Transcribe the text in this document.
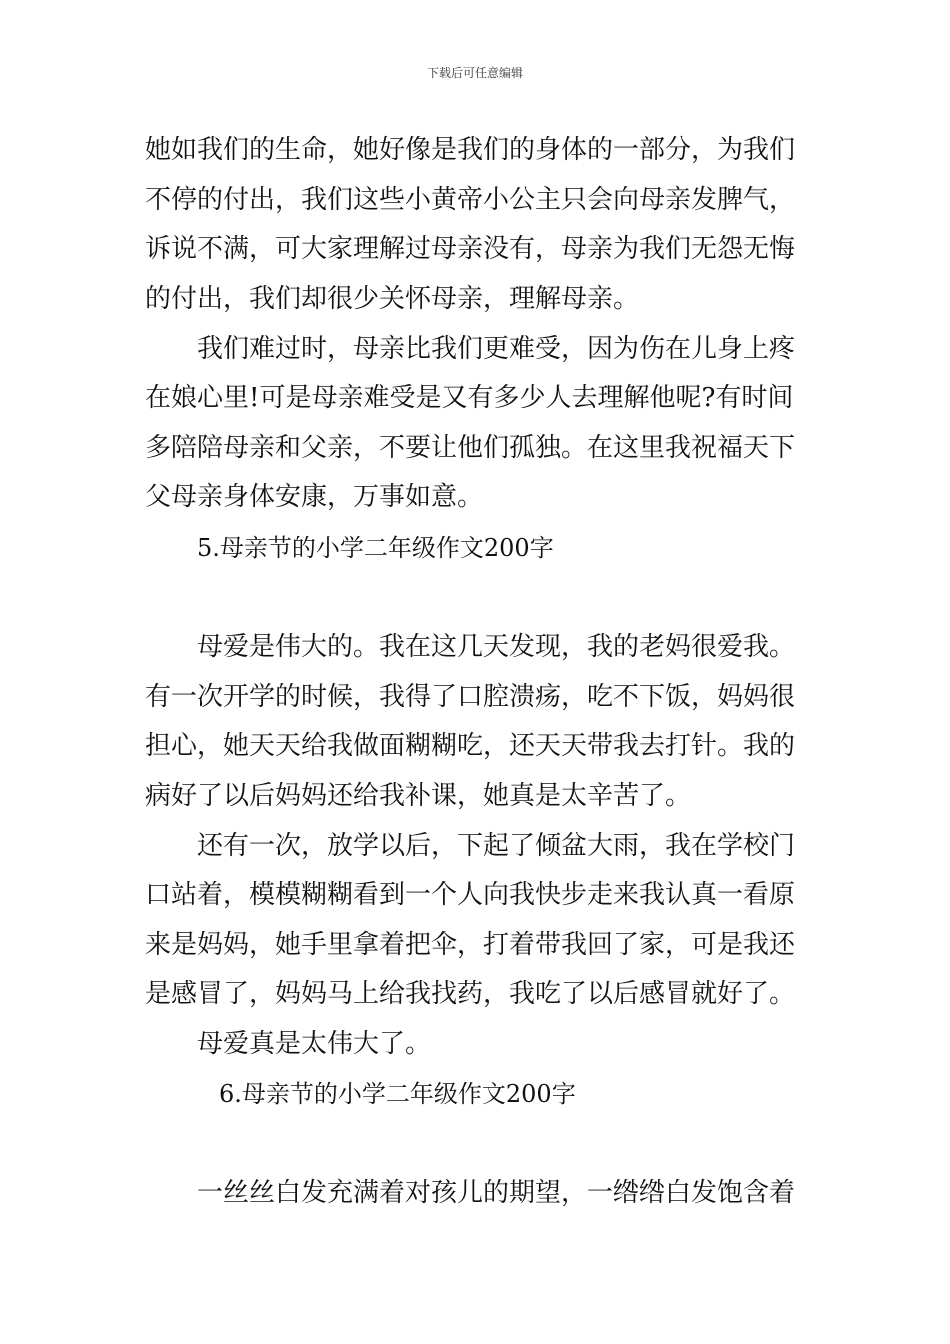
下载后可任意编辑
她如我们的生命，她好像是我们的身体的一部分，为我们
不停的付出，我们这些小黄帝小公主只会向母亲发脾气，
诉说不满，可大家理解过母亲没有，母亲为我们无怨无悔
的付出，我们却很少关怀母亲，理解母亲。
我们难过时，母亲比我们更难受，因为伤在儿身上疼
在娘心里!可是母亲难受是又有多少人去理解他呢?有时间
多陪陪母亲和父亲，不要让他们孤独。在这里我祝福天下
父母亲身体安康，万事如意。
5.母亲节的小学二年级作文200字
母爱是伟大的。我在这几天发现，我的老妈很爱我。
有一次开学的时候，我得了口腔溃疡，吃不下饭，妈妈很
担心，她天天给我做面糊糊吃，还天天带我去打针。我的
病好了以后妈妈还给我补课，她真是太辛苦了。
还有一次，放学以后，下起了倾盆大雨，我在学校门
口站着，模模糊糊看到一个人向我快步走来我认真一看原
来是妈妈，她手里拿着把伞，打着带我回了家，可是我还
是感冒了，妈妈马上给我找药，我吃了以后感冒就好了。
母爱真是太伟大了。
6.母亲节的小学二年级作文200字
一丝丝白发充满着对孩儿的期望，一绺绺白发饱含着
